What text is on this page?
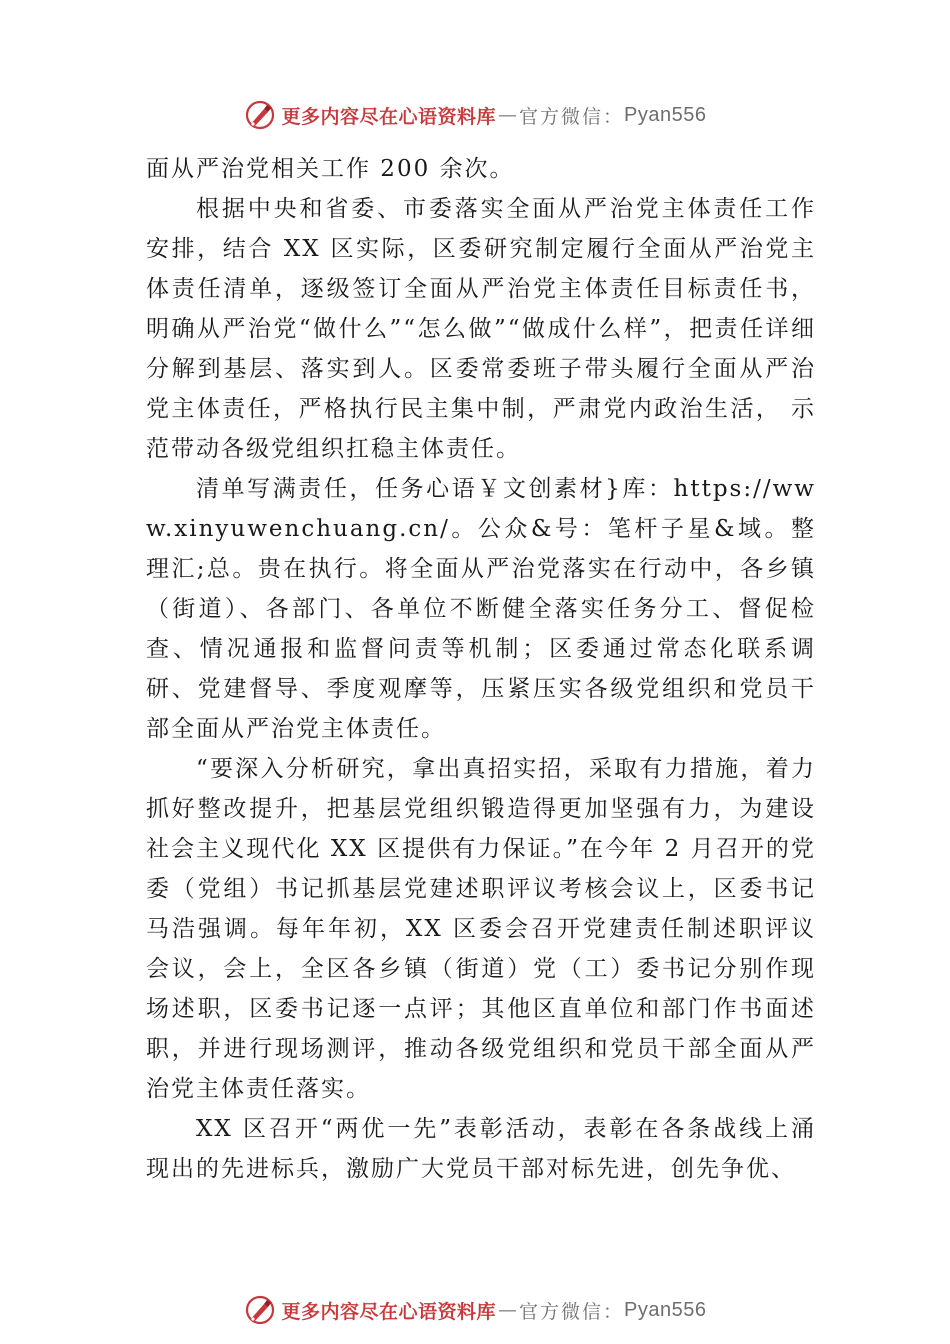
更多内容尽在心语资料库 — 官方微信： Pyan556

面从严治党相关工作 200 余次。

根据中央和省委、市委落实全面从严治党主体责任工作安排，结合 XX 区实际，区委研究制定履行全面从严治党主体责任清单，逐级签订全面从严治党主体责任目标责任书， 明确从严治党“做什么”“怎么做”“做成什么样”，把责任详细分解到基层、落实到人。区委常委班子带头履行全面从严治党主体责任，严格执行民主集中制，严肃党内政治生活， 示范带动各级党组织扛稳主体责任。

清单写满责任，任务心语￥文创素材}库：https://www.xinyuwenchuang.cn/。公众&号：笔杆子星&域。整理汇;总。贵在执行。将全面从严治党落实在行动中，各乡镇（街道）、各部门、各单位不断健全落实任务分工、督促检查、情况通报和监督问责等机制；区委通过常态化联系调研、党建督导、季度观摩等，压紧压实各级党组织和党员干部全面从严治党主体责任。

“要深入分析研究，拿出真招实招，采取有力措施，着力抓好整改提升，把基层党组织锻造得更加坚强有力，为建设社会主义现代化 XX 区提供有力保证。”在今年 2 月召开的党委（党组）书记抓基层党建述职评议考核会议上，区委书记马浩强调。每年年初，XX 区委会召开党建责任制述职评议会议，会上，全区各乡镇（街道）党（工）委书记分别作现场述职，区委书记逐一点评；其他区直单位和部门作书面述职，并进行现场测评，推动各级党组织和党员干部全面从严治党主体责任落实。

XX 区召开“两优一先”表彰活动，表彰在各条战线上涌现出的先进标兵，激励广大党员干部对标先进，创先争优、

更多内容尽在心语资料库 — 官方微信： Pyan556
